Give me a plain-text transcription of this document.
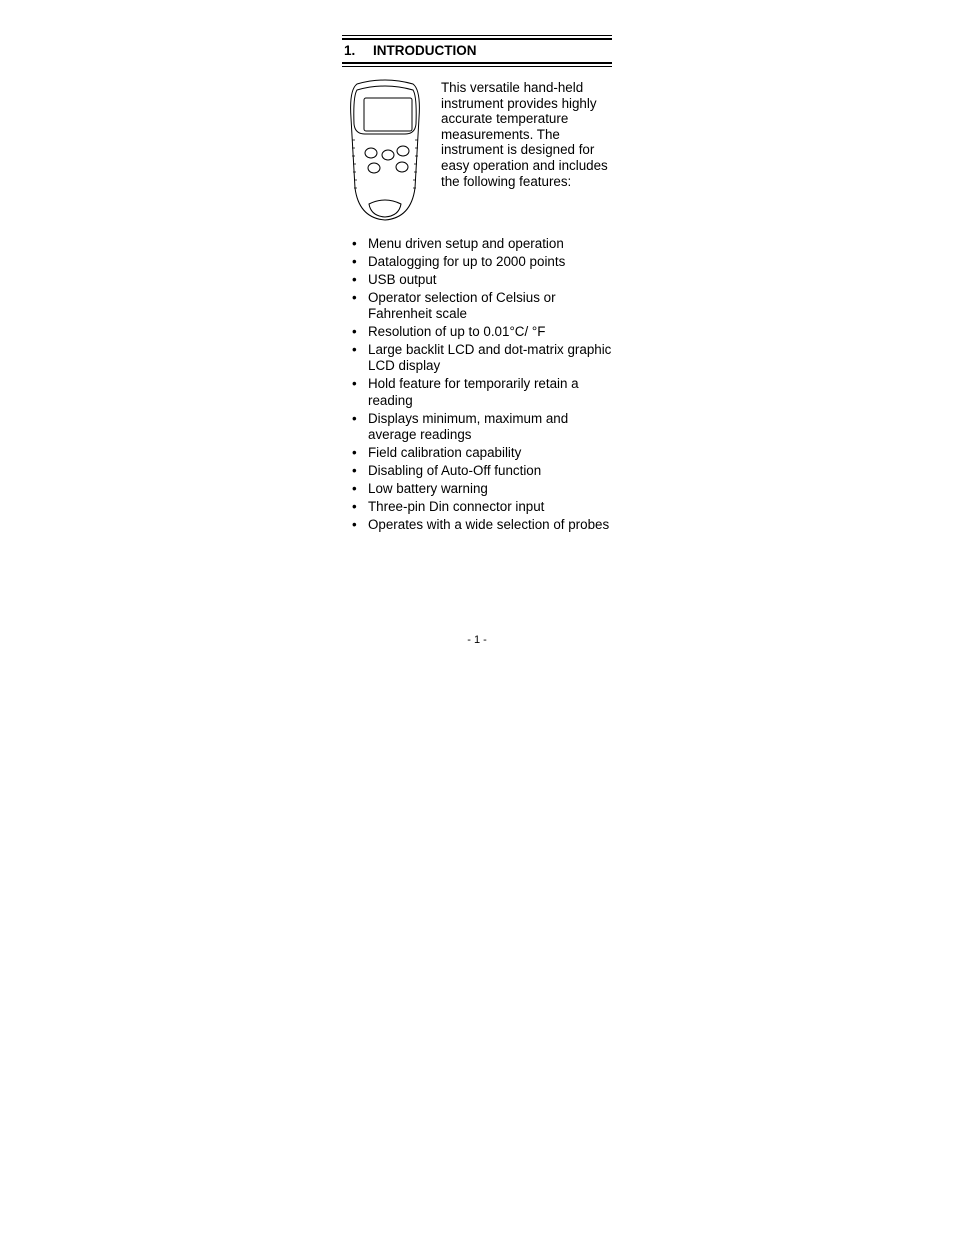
1.	INTRODUCTION

This versatile hand-held instrument provides highly accurate temperature measurements. The instrument is designed for easy operation and includes the following features:

• Menu driven setup and operation
• Datalogging for up to 2000 points
• USB output
• Operator selection of Celsius or Fahrenheit scale
• Resolution of up to 0.01°C/ °F
• Large backlit LCD and dot-matrix graphic LCD display
• Hold feature for temporarily retain a reading
• Displays minimum, maximum and average readings
• Field calibration capability
• Disabling of Auto-Off function
• Low battery warning
• Three-pin Din connector input
• Operates with a wide selection of probes
- 1 -
